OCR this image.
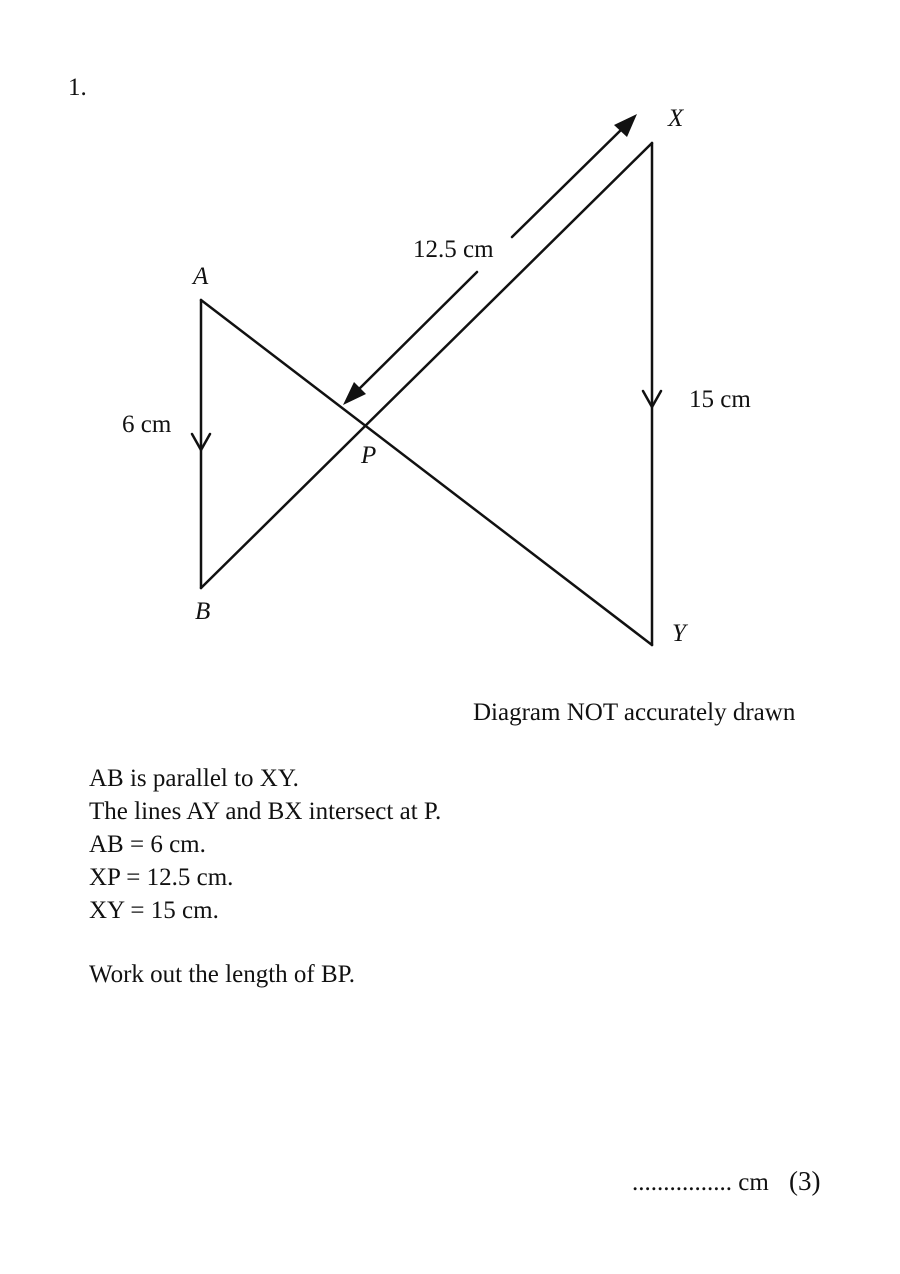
1.
A
B
X
Y
P
6 cm
15 cm
12.5 cm
Diagram NOT accurately drawn
AB is parallel to XY.
The lines AY and BX intersect at P.
AB = 6 cm.
XP = 12.5 cm.
XY = 15 cm.
Work out the length of BP.
................ cm (3)
